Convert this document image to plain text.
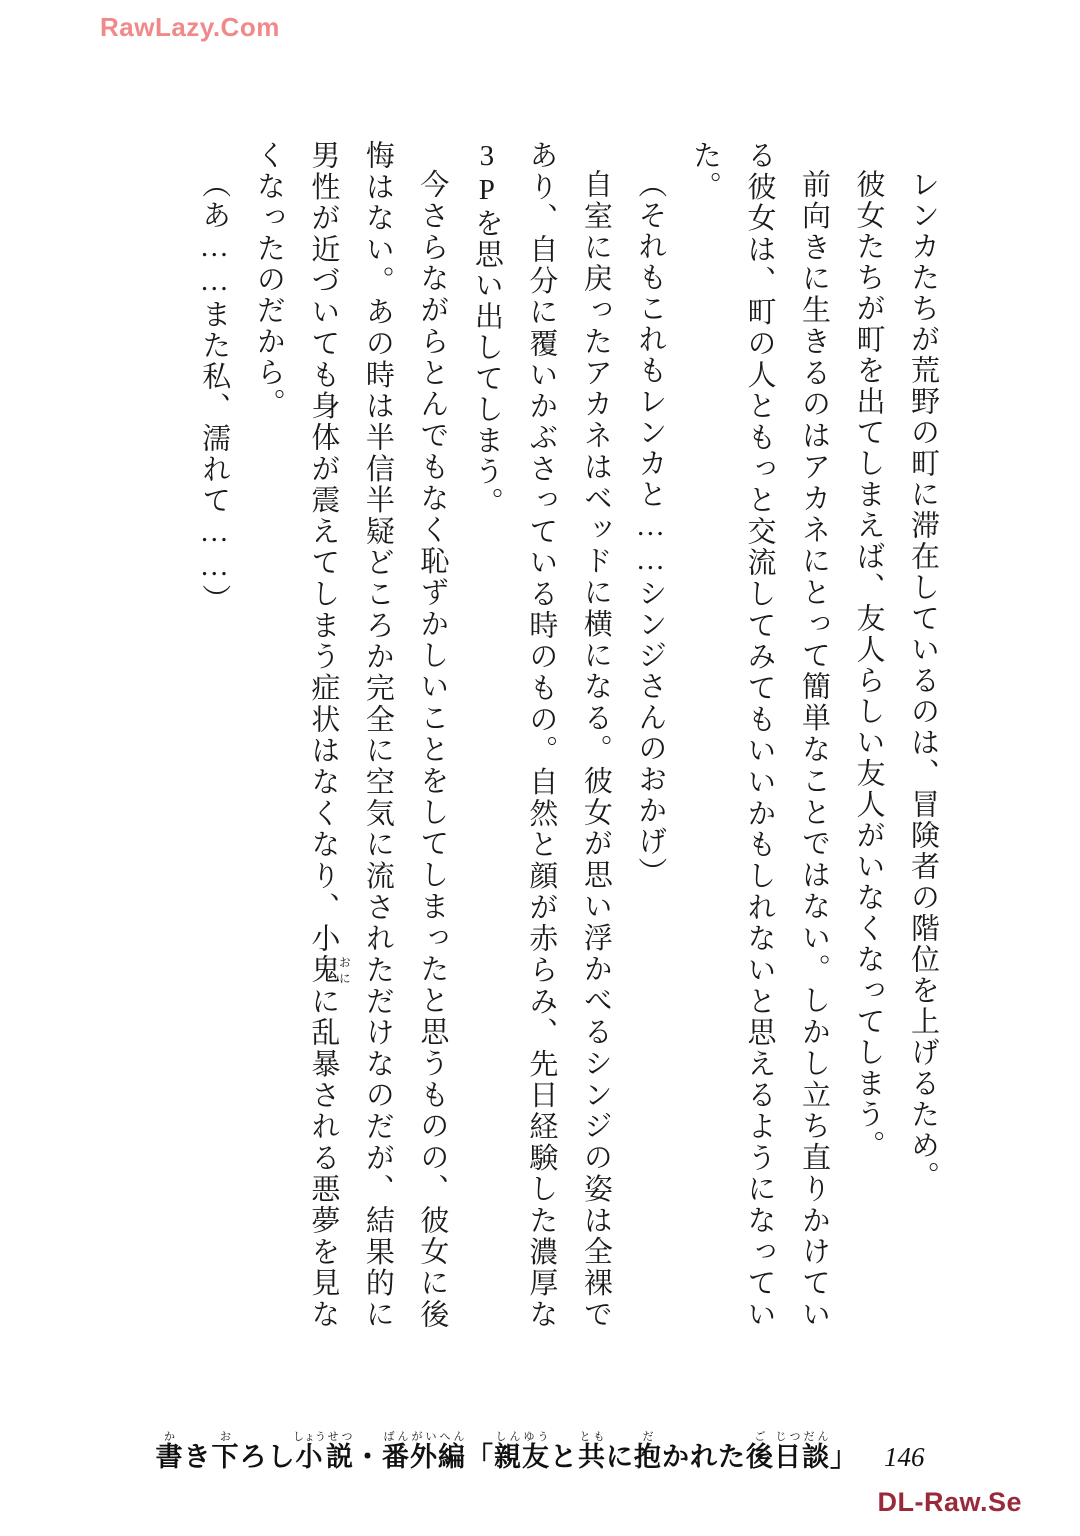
RawLazy.Com

レンカたちが荒野の町に滞在しているのは、冒険者の階位を上げるため。

彼女たちが町を出てしまえば、友人らしい友人がいなくなってしまう。

前向きに生きるのはアカネにとって簡単なことではない。しかし立ち直りかけている彼女は、町の人ともっと交流してみてもいいかもしれないと思えるようになっていた。

（それもこれもレンカと……シンジさんのおかげ）

自室に戻ったアカネはベッドに横になる。彼女が思い浮かべるシンジの姿は全裸であり、自分に覆いかぶさっている時のもの。自然と顔が赤らみ、先日経験した濃厚な3Pを思い出してしまう。

今さらながらとんでもなく恥ずかしいことをしてしまったと思うものの、彼女に後悔はない。あの時は半信半疑どころか完全に空気に流されただけなのだが、結果的に男性が近づいても身体が震えてしまう症状はなくなり、小鬼おにに乱暴される悪夢を見なくなったのだから。

（あ……また私、濡れて……）

書かき下おろし小しょう説せつ・番ばん外がい編へん「親しん友ゆうと共ともに抱だかれた後ご日じつ談だん」 146
DL-Raw.Se
